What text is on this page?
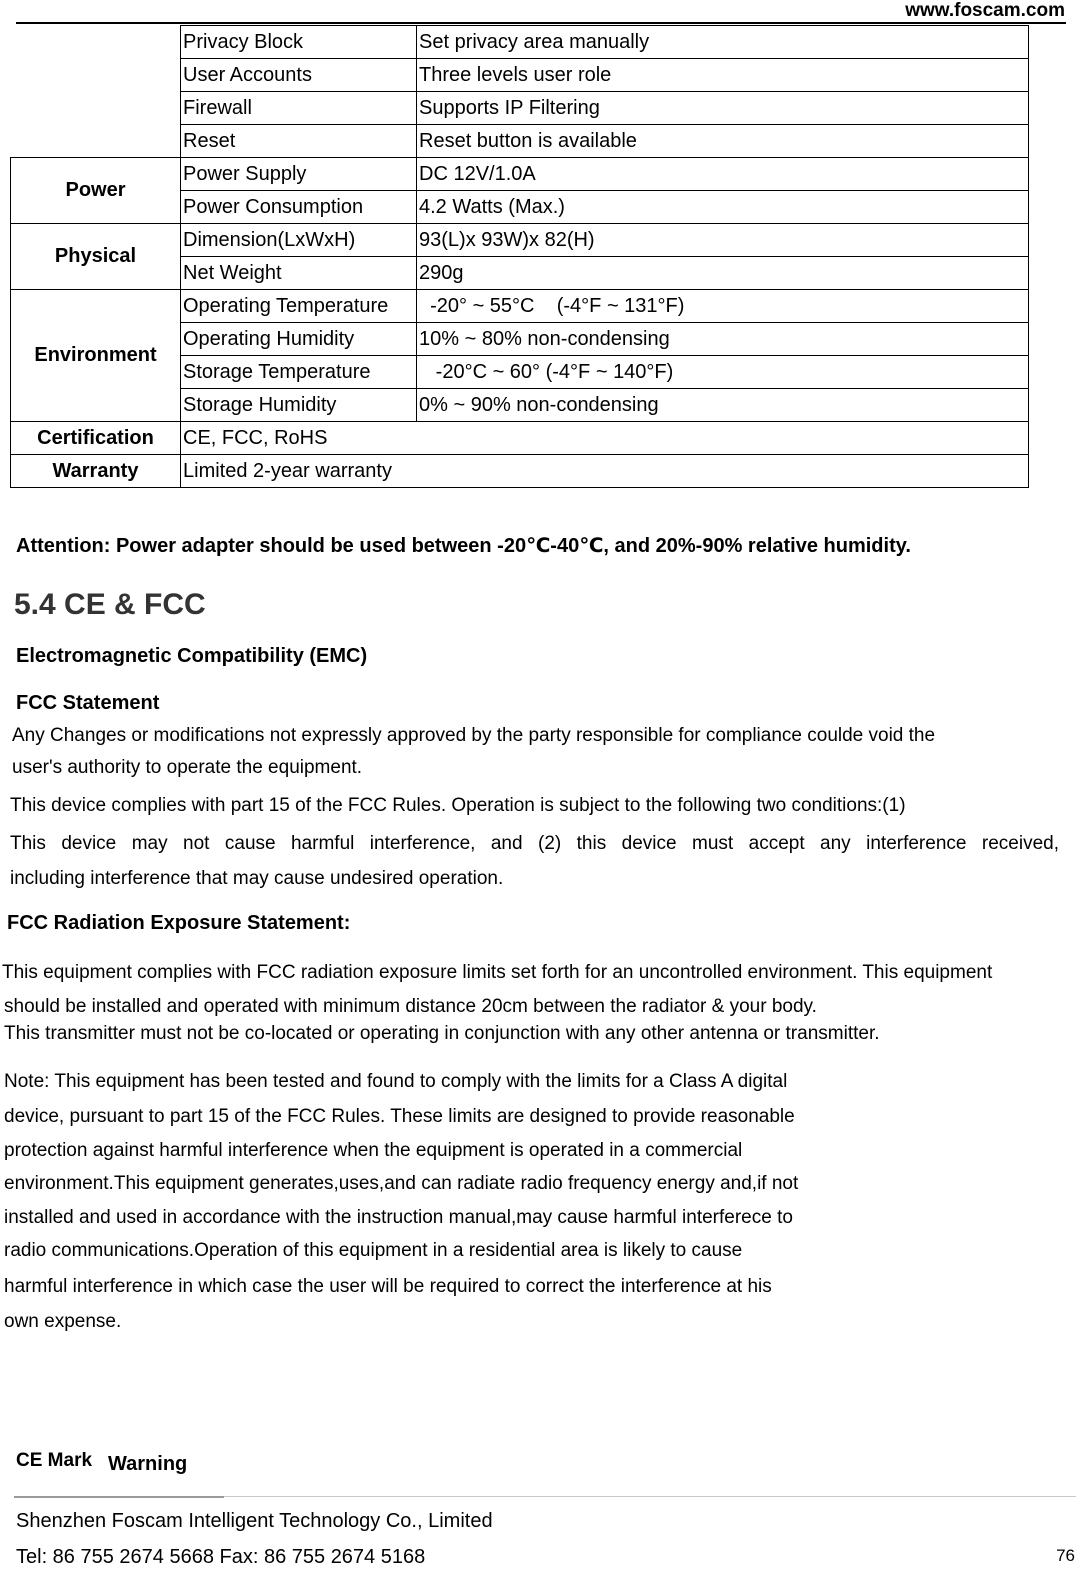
www.foscam.com
	Privacy Block	Set privacy area manually
	User Accounts	Three levels user role
	Firewall	Supports IP Filtering
	Reset	Reset button is available
Power	Power Supply	DC 12V/1.0A
	Power Consumption	4.2 Watts (Max.)
Physical	Dimension(LxWxH)	93(L)x 93W)x 82(H)
	Net Weight	290g
Environment	Operating Temperature	-20° ~ 55°C    (-4°F ~ 131°F)
	Operating Humidity	10% ~ 80% non-condensing
	Storage Temperature	-20°C ~ 60° (-4°F ~ 140°F)
	Storage Humidity	0% ~ 90% non-condensing
Certification	CE, FCC, RoHS	
Warranty	Limited 2-year warranty	
Attention: Power adapter should be used between -20℃-40℃, and 20%-90% relative humidity.
5.4 CE & FCC
Electromagnetic Compatibility (EMC)
FCC Statement
Any Changes or modifications not expressly approved by the party responsible for compliance coulde void the
user's authority to operate the equipment.
This device complies with part 15 of the FCC Rules. Operation is subject to the following two conditions:(1)
This device may not cause harmful interference, and (2) this device must accept any interference received,
including interference that may cause undesired operation.
FCC Radiation Exposure Statement:
This equipment complies with FCC radiation exposure limits set forth for an uncontrolled environment. This equipment
should be installed and operated with minimum distance 20cm between the radiator & your body.
This transmitter must not be co-located or operating in conjunction with any other antenna or transmitter.
Note: This equipment has been tested and found to comply with the limits for a Class A digital
device, pursuant to part 15 of the FCC Rules. These limits are designed to provide reasonable
protection against harmful interference when the equipment is operated in a commercial
environment.This equipment generates,uses,and can radiate radio frequency energy and,if not
installed and used in accordance with the instruction manual,may cause harmful interferece to
radio communications.Operation of this equipment in a residential area is likely to cause
harmful interference in which case the user will be required to correct the interference at his
own expense.
CE Mark Warning
Shenzhen Foscam Intelligent Technology Co., Limited
Tel: 86 755 2674 5668 Fax: 86 755 2674 5168	76
